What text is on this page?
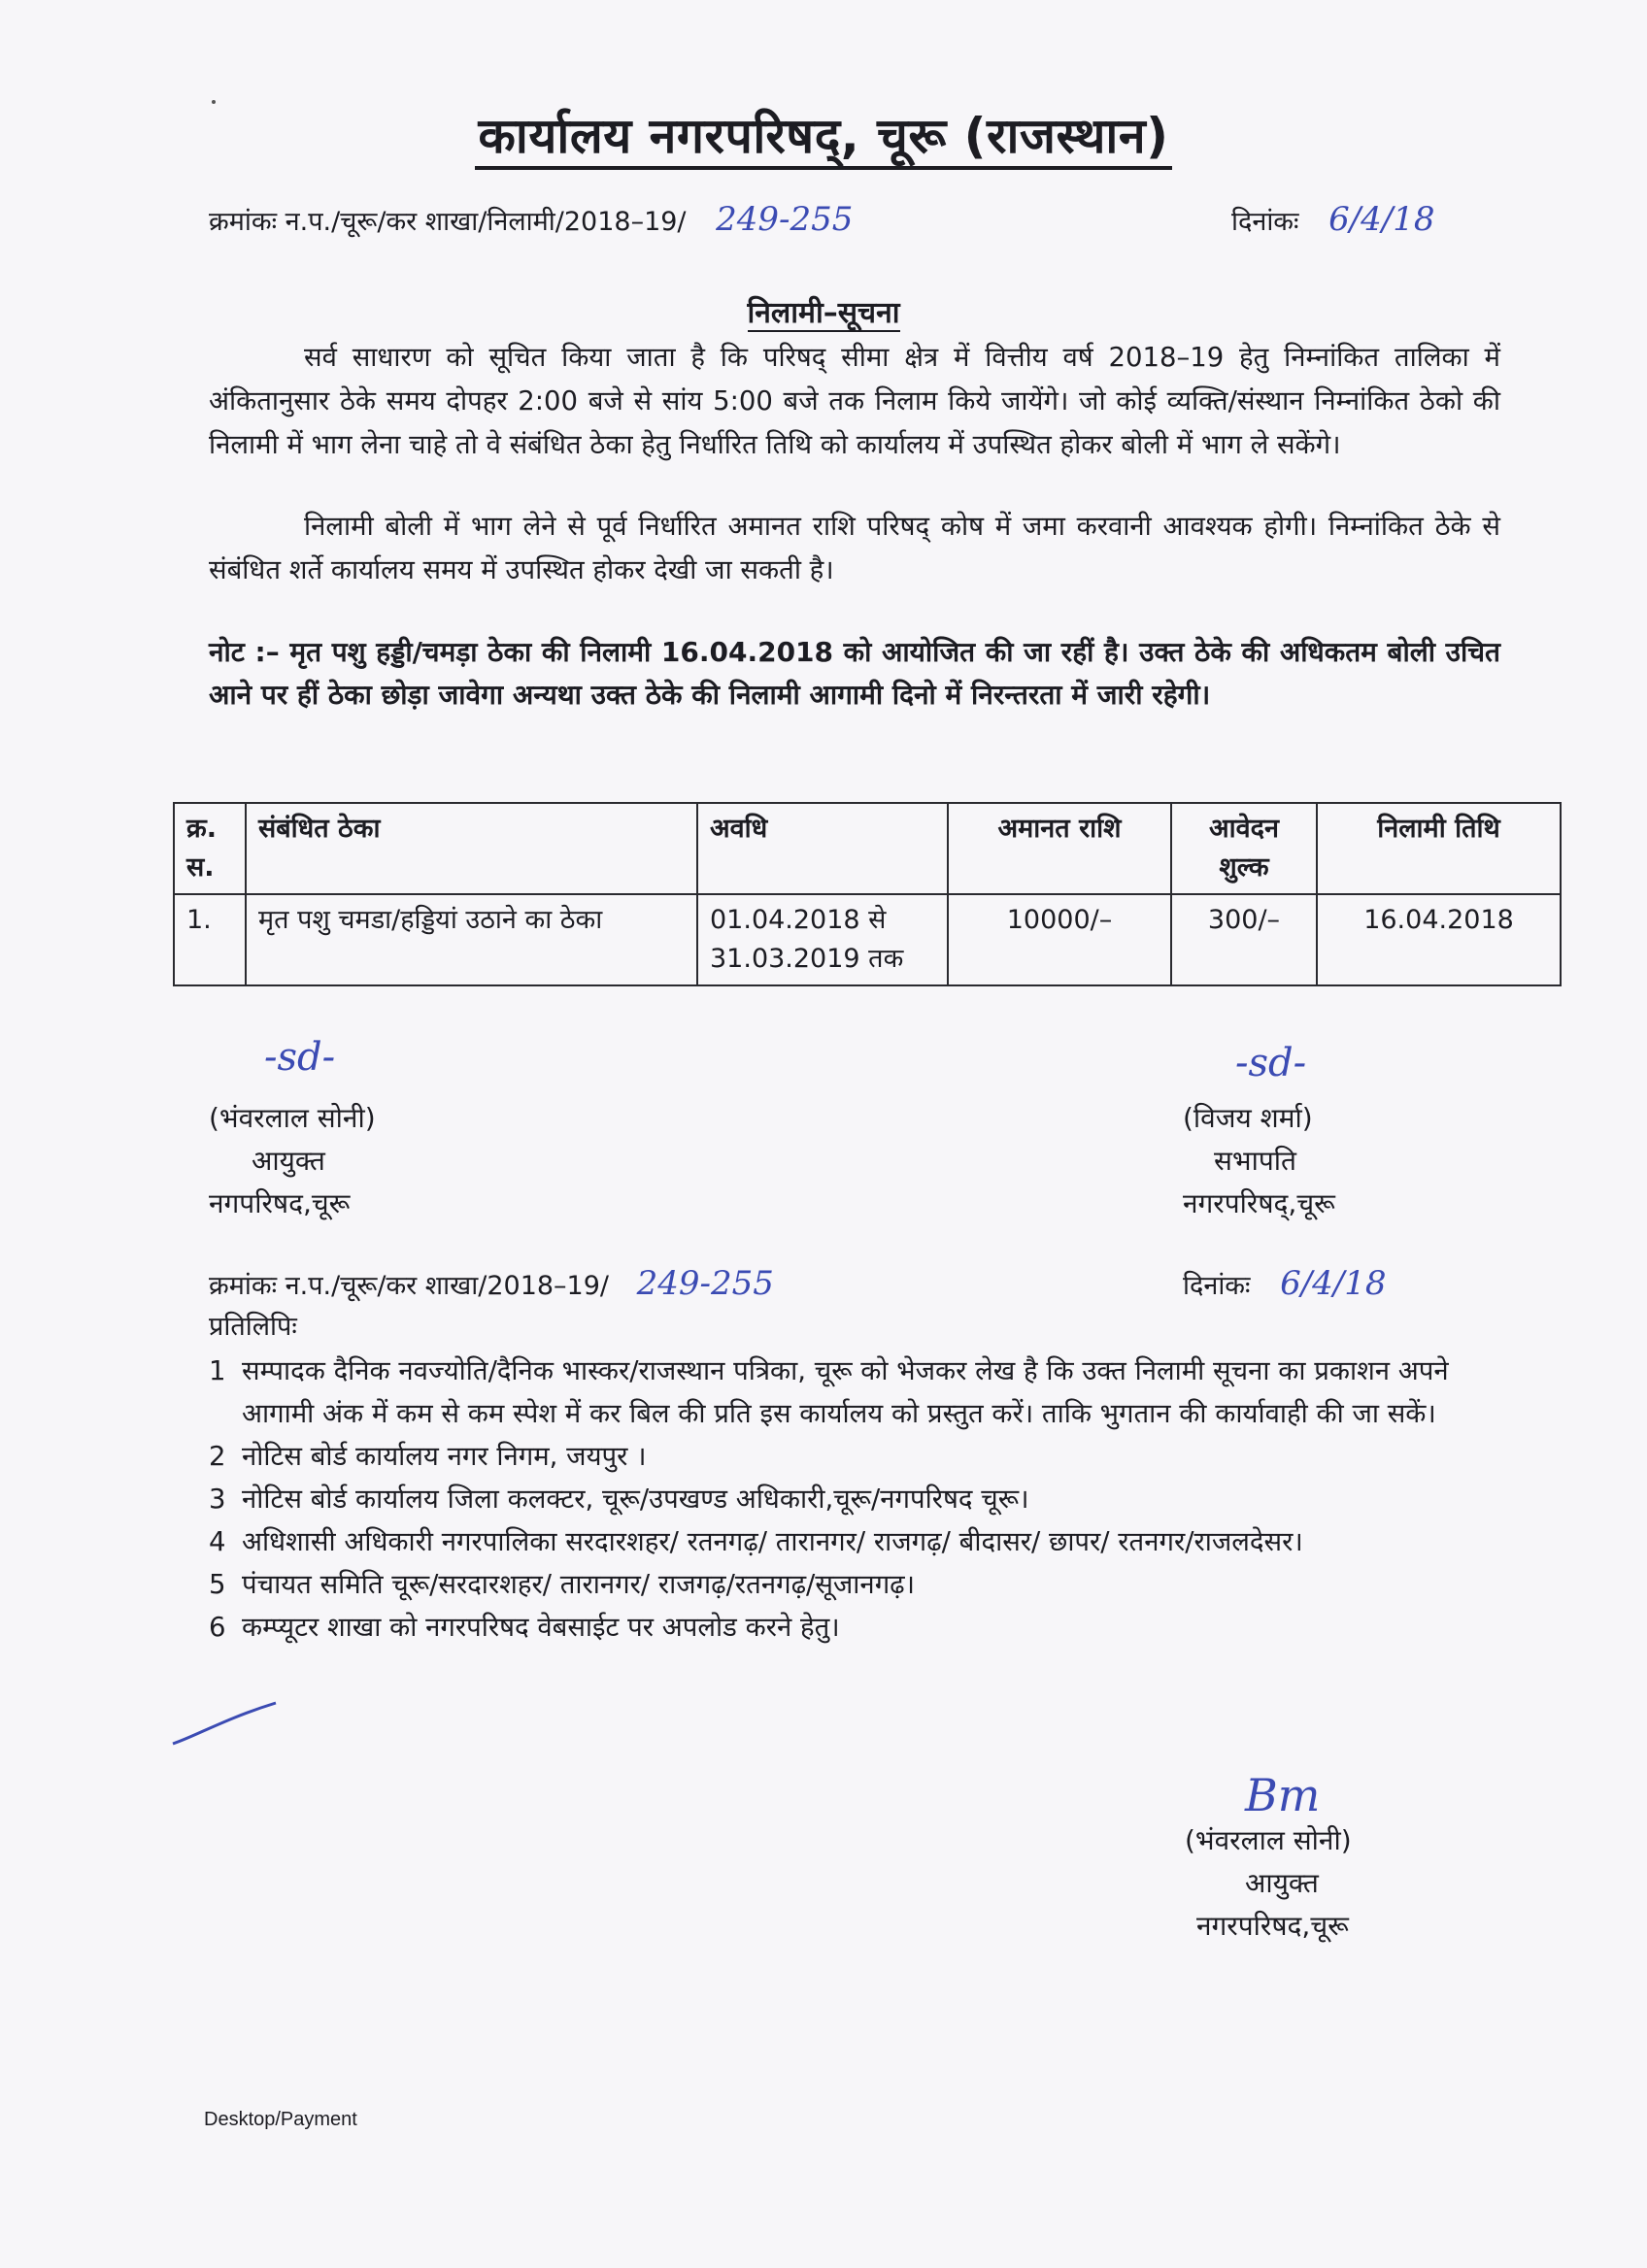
कार्यालय नगरपरिषद्, चूरू (राजस्थान)
क्रमांकः न.प./चूरू/कर शाखा/निलामी/2018–19/ 249-255	दिनांकः 6/4/18
निलामी–सूचना
सर्व साधारण को सूचित किया जाता है कि परिषद् सीमा क्षेत्र में वित्तीय वर्ष 2018–19 हेतु निम्नांकित तालिका में अंकितानुसार ठेके समय दोपहर 2:00 बजे से सांय 5:00 बजे तक निलाम किये जायेंगे। जो कोई व्यक्ति/संस्थान निम्नांकित ठेको की निलामी में भाग लेना चाहे तो वे संबंधित ठेका हेतु निर्धारित तिथि को कार्यालय में उपस्थित होकर बोली में भाग ले सकेंगे।
निलामी बोली में भाग लेने से पूर्व निर्धारित अमानत राशि परिषद् कोष में जमा करवानी आवश्यक होगी। निम्नांकित ठेके से संबंधित शर्ते कार्यालय समय में उपस्थित होकर देखी जा सकती है।
नोट :– मृत पशु हड्डी/चमड़ा ठेका की निलामी 16.04.2018 को आयोजित की जा रहीं है। उक्त ठेके की अधिकतम बोली उचित आने पर हीं ठेका छोड़ा जावेगा अन्यथा उक्त ठेके की निलामी आगामी दिनो में निरन्तरता में जारी रहेगी।
क्र. स.	संबंधित ठेका	अवधि	अमानत राशि	आवेदन शुल्क	निलामी तिथि
1.	मृत पशु चमडा/हड्डियां उठाने का ठेका	01.04.2018 से 31.03.2019 तक	10000/–	300/–	16.04.2018
-sd-
(भंवरलाल सोनी)
आयुक्त
नगपरिषद,चूरू
-sd-
(विजय शर्मा)
सभापति
नगरपरिषद्,चूरू
क्रमांकः न.प./चूरू/कर शाखा/2018–19/ 249-255	दिनांकः 6/4/18
प्रतिलिपिः
1 सम्पादक दैनिक नवज्योति/दैनिक भास्कर/राजस्थान पत्रिका, चूरू को भेजकर लेख है कि उक्त निलामी सूचना का प्रकाशन अपने आगामी अंक में कम से कम स्पेश में कर बिल की प्रति इस कार्यालय को प्रस्तुत करें। ताकि भुगतान की कार्यावाही की जा सकें।
2 नोटिस बोर्ड कार्यालय नगर निगम, जयपुर ।
3 नोटिस बोर्ड कार्यालय जिला कलक्टर, चूरू/उपखण्ड अधिकारी,चूरू/नगपरिषद चूरू।
4 अधिशासी अधिकारी नगरपालिका सरदारशहर/ रतनगढ़/ तारानगर/ राजगढ़/ बीदासर/ छापर/ रतनगर/राजलदेसर।
5 पंचायत समिति चूरू/सरदारशहर/ तारानगर/ राजगढ़/रतनगढ़/सूजानगढ़।
6 कम्प्यूटर शाखा को नगरपरिषद वेबसाईट पर अपलोड करने हेतु।
Bm
(भंवरलाल सोनी)
आयुक्त
नगरपरिषद,चूरू
Desktop/Payment
